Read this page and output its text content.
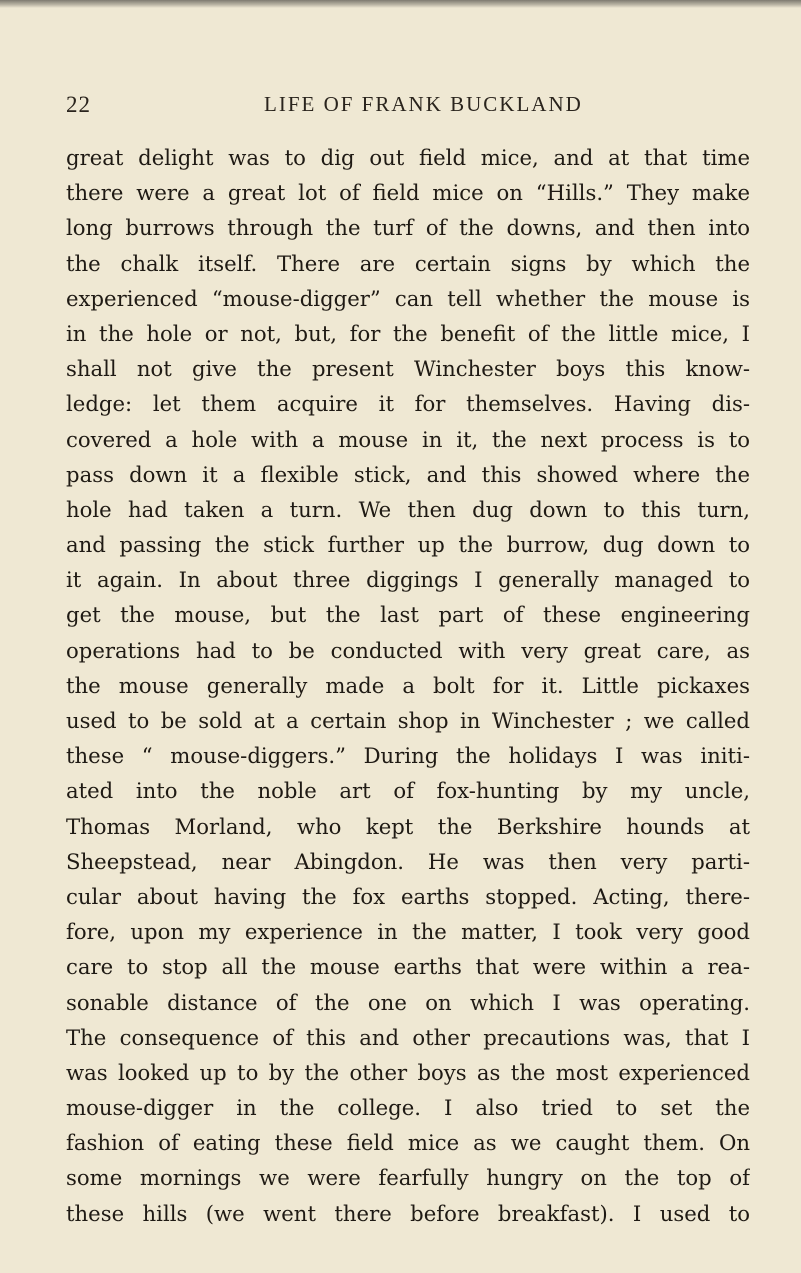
22	LIFE OF FRANK BUCKLAND
great delight was to dig out field mice, and at that time
there were a great lot of field mice on “Hills.” They make
long burrows through the turf of the downs, and then into
the chalk itself. There are certain signs by which the
experienced “mouse-digger” can tell whether the mouse is
in the hole or not, but, for the benefit of the little mice, I
shall not give the present Winchester boys this know-
ledge: let them acquire it for themselves. Having dis-
covered a hole with a mouse in it, the next process is to
pass down it a flexible stick, and this showed where the
hole had taken a turn. We then dug down to this turn,
and passing the stick further up the burrow, dug down to
it again. In about three diggings I generally managed to
get the mouse, but the last part of these engineering
operations had to be conducted with very great care, as
the mouse generally made a bolt for it. Little pickaxes
used to be sold at a certain shop in Winchester ; we called
these “ mouse-diggers.” During the holidays I was initi-
ated into the noble art of fox-hunting by my uncle,
Thomas Morland, who kept the Berkshire hounds at
Sheepstead, near Abingdon. He was then very parti-
cular about having the fox earths stopped. Acting, there-
fore, upon my experience in the matter, I took very good
care to stop all the mouse earths that were within a rea-
sonable distance of the one on which I was operating.
The consequence of this and other precautions was, that I
was looked up to by the other boys as the most experienced
mouse-digger in the college. I also tried to set the
fashion of eating these field mice as we caught them. On
some mornings we were fearfully hungry on the top of
these hills (we went there before breakfast). I used to
